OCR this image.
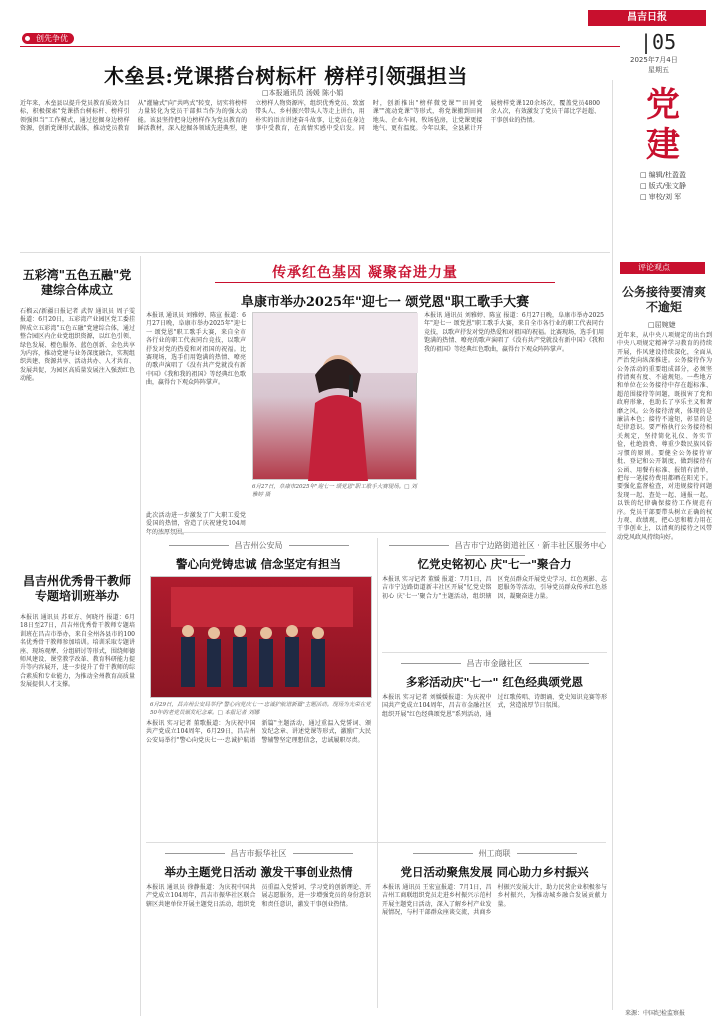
创先争优
昌吉日报
|05
2025年7月4日
星期五
党建
□ 编辑/杜盈盈
□ 版式/张文静
□ 审校/刘 军
评论观点
公务接待要清爽不逾矩
□屈婉婕
近年来，从中央八项规定的出台到中央八项规定精神学习教育的持续开展，作风建设持续深化，全面从严治党向纵深推进。公务接待作为公务活动的重要组成部分，必须坚持清爽有度、不逾规矩。一些地方和单位在公务接待中存在超标准、超范围接待等问题，既损害了党和政府形象，也助长了享乐主义和奢靡之风。公务接待清爽，体现的是廉洁本色；接待不逾矩，彰显的是纪律意识。要严格执行公务接待相关规定，坚持简化礼仪、务实节俭，杜绝浪费、尊重少数民族风俗习惯的原则。要健全公务接待审批、登记和公开制度，做到接待有公函、用餐有标准、报销有清单，把每一笔接待费用都晒在阳光下。要强化监督检查，对违规接待问题发现一起、查处一起、通报一起，以铁的纪律确保接待工作规范有序。党员干部要带头树立正确的权力观、政绩观，把心思和精力用在干事创业上，以清爽的接待之风带动党风政风持续向好。
来源：中国纪检监察报
木垒县:党课搭台树标杆 榜样引领强担当
□本报通讯员 汤媛 陈小娟
近年来，木垒县以提升党员教育质效为目标，积极探索"党课搭台树标杆、榜样引领强担当"工作模式，通过挖掘身边榜样资源，创新党课形式载体，推动党员教育从"灌输式"向"共鸣式"转变，切实将榜样力量转化为党员干部担当作为的强大动能。该县坚持把身边榜样作为党员教育的鲜活教材，深入挖掘各领域先进典型，建立榜样人物资源库，组织优秀党员、致富带头人、乡村振兴带头人等走上讲台，用朴实的语言讲述奋斗故事，让党员在身边事中受教育，在真情实感中受启发。同时，创新推出"榜样微党课""田间党课""流动党课"等形式，将党课搬到田间地头、企业车间、牧场毡房，让党课更接地气、更有温度。今年以来，全县累计开展榜样党课120余场次，覆盖党员4800余人次，有效激发了党员干部比学赶超、干事创业的热情。
五彩湾"五色五融"党建综合体成立
石榴云/新疆日报记者 武智 通讯员 周子雯 报道：6月20日，五彩湾产业园区党工委挂牌成立五彩湾"五色五融"党建综合体，通过整合园区内企业党组织资源，以红色引领、绿色发展、橙色服务、蓝色创新、金色共享为内容，推动党建与业务深度融合，实现组织共建、资源共享、活动共办、人才共育、发展共促，为园区高质量发展注入强劲红色动能。
昌吉州优秀骨干教师专题培训班举办
本报讯 通讯员 苏亚方、何晓丹 报道：6月18日至27日，昌吉州优秀骨干教师专题培训班在昌吉市举办，来自全州各县市的100名优秀骨干教师参加培训。培训采取专题讲座、现场观摩、分组研讨等形式，围绕师德师风建设、课堂教学改革、教育科研能力提升等内容展开，进一步提升了骨干教师的综合素质和专业能力，为推动全州教育高质量发展提供人才支撑。
传承红色基因 凝聚奋进力量
阜康市举办2025年"迎七一 颂党恩"职工歌手大赛
本报讯 通讯员 刘雅婷、陈宣 报道：6月27日晚，阜康市举办2025年"迎七一 颂党恩"职工歌手大赛，来自全市各行业的职工代表同台竞技，以歌声抒发对党的热爱和对祖国的祝福。比赛现场，选手们用饱满的热情、嘹亮的歌声演唱了《没有共产党就没有新中国》《我和我的祖国》等经典红色歌曲，赢得台下观众阵阵掌声。
6月27日，阜康市2025年"迎七一 颂党恩"职工歌手大赛现场。□ 刘雅婷 摄
此次活动进一步激发了广大职工爱党爱国的热情，营造了庆祝建党104周
本报讯 通讯员 刘雅婷、陈宣 报道：6月27日晚，阜康市举办2025年"迎七一 颂党恩"职工歌手大赛，来自全市各行业的职工代表同台竞技，以歌声抒发对党的热爱和对祖国的祝福。比赛现场，选手们用饱满的热情、嘹亮的歌声演唱了《没有共产党就没有新中国》《我和我的祖国》等经典红色歌曲，赢得台下观众阵阵掌声。
昌吉州公安局
警心向党铸忠诚 信念坚定有担当
6月29日，昌吉州公安局举行"警心向党庆七一·忠诚护航谱新篇"主题活动。现场为光荣在党50年的老党员颁发纪念章。□ 本报记者 刘娜
本报讯 实习记者 董歌报道：为庆祝中国共产党成立104周年，6月29日，昌吉州公安局举行"警心向党庆七一·忠诚护航谱新篇"主题活动，通过重温入党誓词、颁发纪念章、讲述党课等形式，激励广大民警辅警坚定理想信念，忠诚履职尽责。
昌吉市宁边路街道社区 · 新丰社区服务中心
忆党史铭初心 庆"七一"聚合力
本报讯 实习记者 董媛 报道：7月1日，昌吉市宁边路街道新丰社区开展"忆党史铭初心 庆'七一'聚合力"主题活动，组织辖区党员群众开展党史学习、红色观影、志愿服务等活动，引导党员群众传承红色基因，凝聚奋进力量。
昌吉市金融社区
多彩活动庆"七一" 红色经典颂党恩
本报讯 实习记者 刘媛媛报道：为庆祝中国共产党成立104周年，昌吉市金融社区组织开展"红色经典颂党恩"系列活动，通过红歌传唱、诗朗诵、党史知识竞赛等形式，营造浓厚节日氛围。
昌吉市振华社区
举办主题党日活动 激发干事创业热情
本报讯 通讯员 徐静报道：为庆祝中国共产党成立104周年，昌吉市振华社区联合辖区共建单位开展主题党日活动，组织党员重温入党誓词、学习党的创新理论、开展志愿服务，进一步增强党员的身份意识和责任意识，激发干事创业热情。
州工商联
党日活动聚焦发展 同心助力乡村振兴
本报讯 通讯员 王宏宣报道：7月1日，昌吉州工商联组织党员走进乡村振兴示范村开展主题党日活动，深入了解乡村产业发展情况，与村干部群众座谈交流，共商乡村振兴发展大计，助力民营企业积极参与乡村振兴，为推动城乡融合发展贡献力量。
